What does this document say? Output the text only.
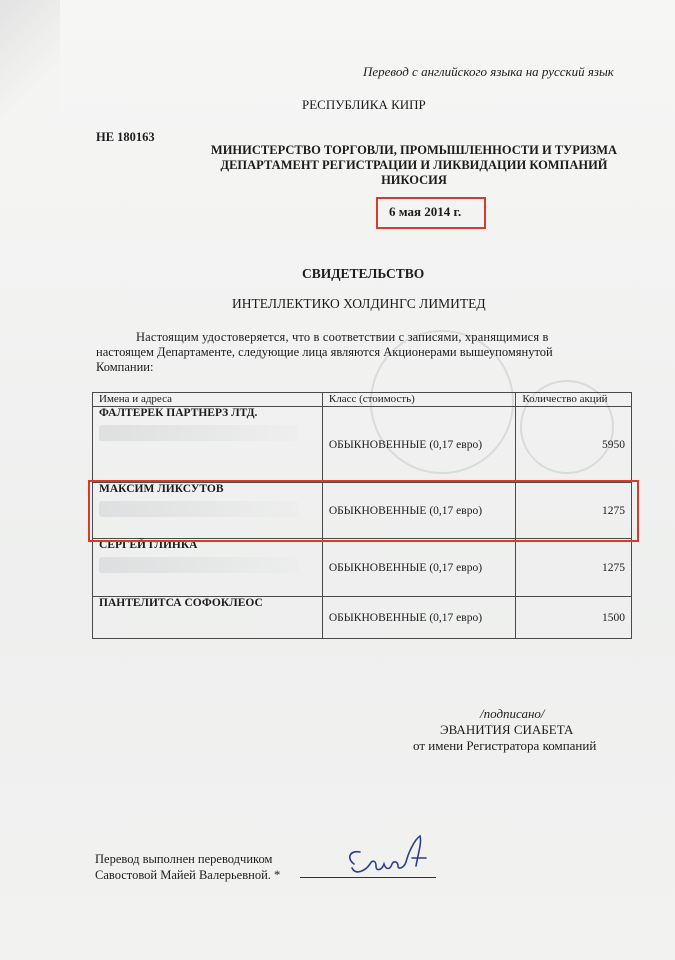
Перевод с английского языка на русский язык
РЕСПУБЛИКА КИПР
HE 180163
МИНИСТЕРСТВО ТОРГОВЛИ, ПРОМЫШЛЕННОСТИ И ТУРИЗМА
ДЕПАРТАМЕНТ РЕГИСТРАЦИИ И ЛИКВИДАЦИИ КОМПАНИЙ
НИКОСИЯ
6 мая 2014 г.
СВИДЕТЕЛЬСТВО
ИНТЕЛЛЕКТИКО ХОЛДИНГС ЛИМИТЕД
Настоящим удостоверяется, что в соответствии с записями, хранящимися в
настоящем Департаменте, следующие лица являются Акционерами вышеупомянутой
Компании:
Имена и адреса	Класс (стоимость)	Количество акций
ФАЛТЕРЕК ПАРТНЕРЗ ЛТД.	ОБЫКНОВЕННЫЕ (0,17 евро)	5950
МАКСИМ ЛИКСУТОВ	ОБЫКНОВЕННЫЕ (0,17 евро)	1275
СЕРГЕЙ ГЛИНКА	ОБЫКНОВЕННЫЕ (0,17 евро)	1275
ПАНТЕЛИТСА СОФОКЛЕОС	ОБЫКНОВЕННЫЕ (0,17 евро)	1500
/подписано/
ЭВАНИТИЯ СИАБЕТА
от имени Регистратора компаний
Перевод выполнен переводчиком
Савостовой Майей Валерьевной. *
